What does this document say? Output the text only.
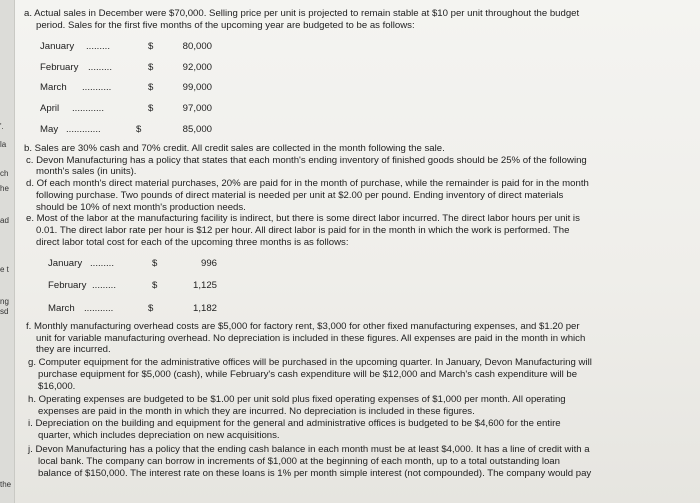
'.
la
ch
he
ad
e t
ng
sd
the
a. Actual sales in December were $70,000. Selling price per unit is projected to remain stable at $10 per unit throughout the budget
period. Sales for the first five months of the upcoming year are budgeted to be as follows:
January .........	$	80,000
February .........	$	92,000
March ...........	$	99,000
April ............	$	97,000
May .............	$	85,000
b. Sales are 30% cash and 70% credit. All credit sales are collected in the month following the sale.
c. Devon Manufacturing has a policy that states that each month's ending inventory of finished goods should be 25% of the following
month's sales (in units).
d. Of each month's direct material purchases, 20% are paid for in the month of purchase, while the remainder is paid for in the month
following purchase. Two pounds of direct material is needed per unit at $2.00 per pound. Ending inventory of direct materials
should be 10% of next month's production needs.
e. Most of the labor at the manufacturing facility is indirect, but there is some direct labor incurred. The direct labor hours per unit is
0.01. The direct labor rate per hour is $12 per hour. All direct labor is paid for in the month in which the work is performed. The
direct labor total cost for each of the upcoming three months is as follows:
January .........	$	996
February .........	$	1,125
March ...........	$	1,182
f. Monthly manufacturing overhead costs are $5,000 for factory rent, $3,000 for other fixed manufacturing expenses, and $1.20 per
unit for variable manufacturing overhead. No depreciation is included in these figures. All expenses are paid in the month in which
they are incurred.
g. Computer equipment for the administrative offices will be purchased in the upcoming quarter. In January, Devon Manufacturing will
purchase equipment for $5,000 (cash), while February's cash expenditure will be $12,000 and March's cash expenditure will be
$16,000.
h. Operating expenses are budgeted to be $1.00 per unit sold plus fixed operating expenses of $1,000 per month. All operating
expenses are paid in the month in which they are incurred. No depreciation is included in these figures.
i. Depreciation on the building and equipment for the general and administrative offices is budgeted to be $4,600 for the entire
quarter, which includes depreciation on new acquisitions.
j. Devon Manufacturing has a policy that the ending cash balance in each month must be at least $4,000. It has a line of credit with a
local bank. The company can borrow in increments of $1,000 at the beginning of each month, up to a total outstanding loan
balance of $150,000. The interest rate on these loans is 1% per month simple interest (not compounded). The company would pay
